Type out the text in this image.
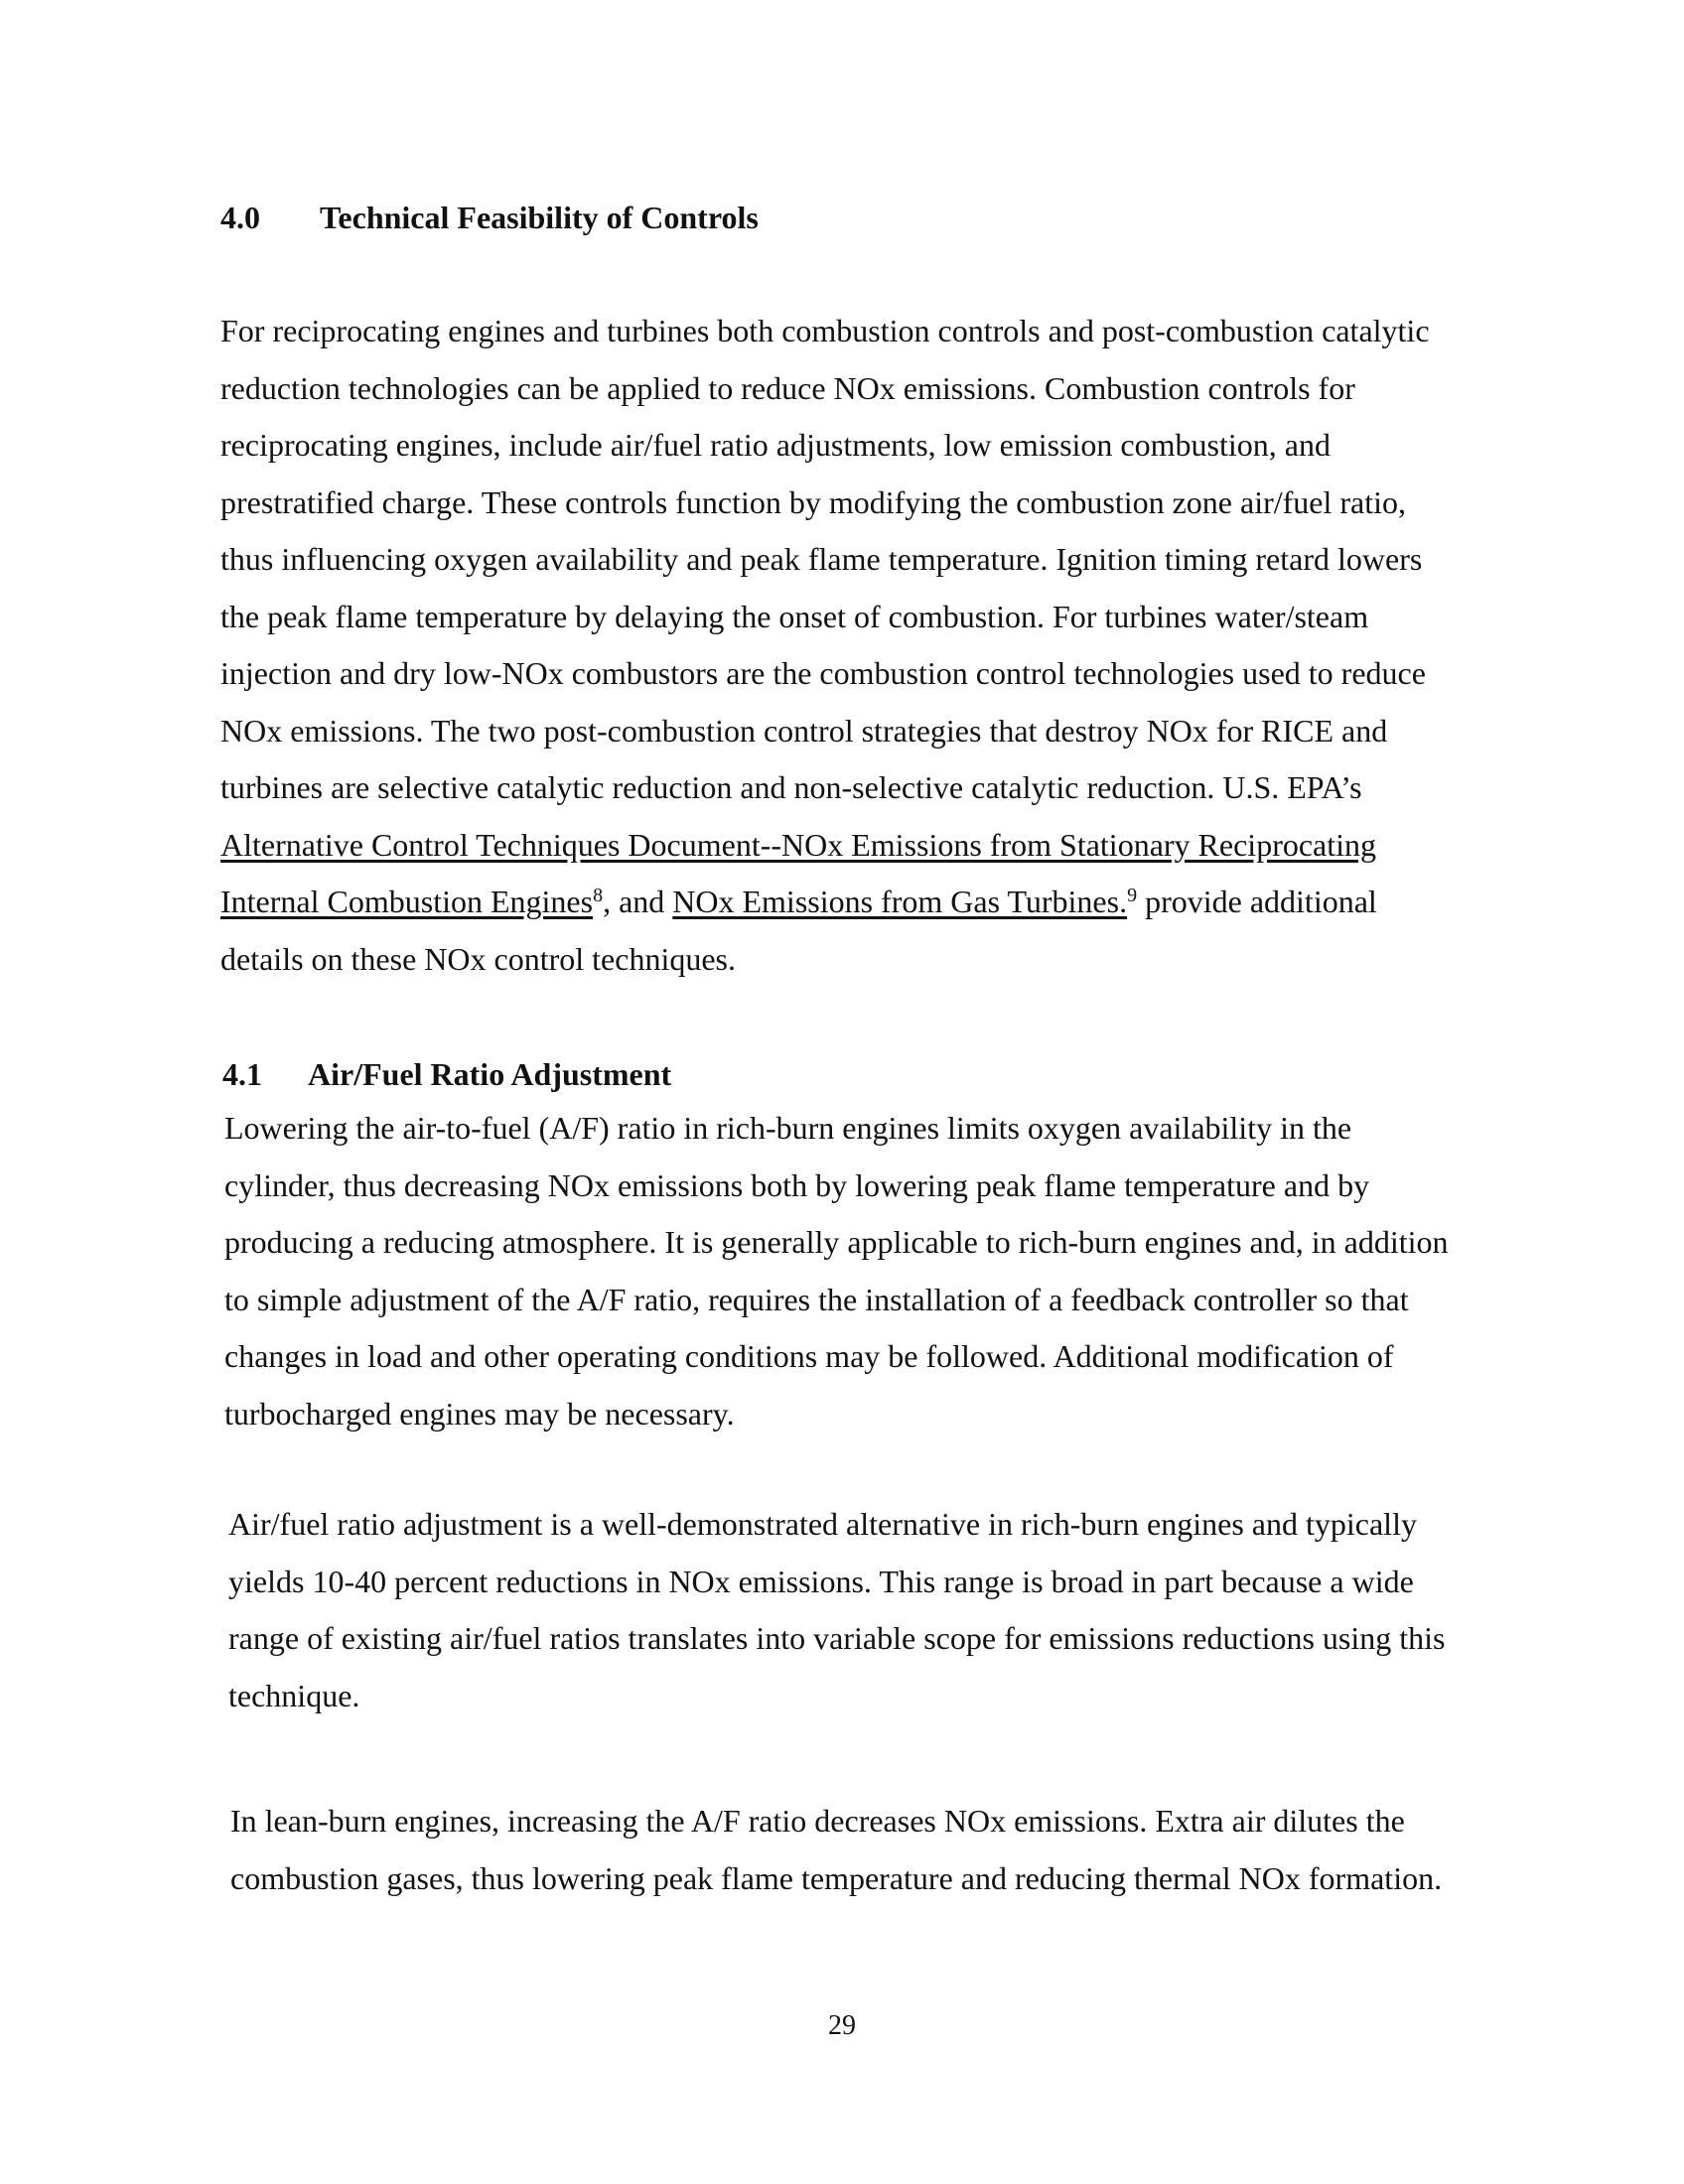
4.0 Technical Feasibility of Controls
For reciprocating engines and turbines both combustion controls and post-combustion catalytic
reduction technologies can be applied to reduce NOx emissions. Combustion controls for
reciprocating engines, include air/fuel ratio adjustments, low emission combustion, and
prestratified charge. These controls function by modifying the combustion zone air/fuel ratio,
thus influencing oxygen availability and peak flame temperature. Ignition timing retard lowers
the peak flame temperature by delaying the onset of combustion. For turbines water/steam
injection and dry low-NOx combustors are the combustion control technologies used to reduce
NOx emissions. The two post-combustion control strategies that destroy NOx for RICE and
turbines are selective catalytic reduction and non-selective catalytic reduction. U.S. EPA’s
Alternative Control Techniques Document--NOx Emissions from Stationary Reciprocating
Internal Combustion Engines$^8$, and NOx Emissions from Gas Turbines.$^9$ provide additional
details on these NOx control techniques.
4.1 Air/Fuel Ratio Adjustment
Lowering the air-to-fuel (A/F) ratio in rich-burn engines limits oxygen availability in the
cylinder, thus decreasing NOx emissions both by lowering peak flame temperature and by
producing a reducing atmosphere. It is generally applicable to rich-burn engines and, in addition
to simple adjustment of the A/F ratio, requires the installation of a feedback controller so that
changes in load and other operating conditions may be followed. Additional modification of
turbocharged engines may be necessary.
Air/fuel ratio adjustment is a well-demonstrated alternative in rich-burn engines and typically
yields 10-40 percent reductions in NOx emissions. This range is broad in part because a wide
range of existing air/fuel ratios translates into variable scope for emissions reductions using this
technique.
In lean-burn engines, increasing the A/F ratio decreases NOx emissions. Extra air dilutes the
combustion gases, thus lowering peak flame temperature and reducing thermal NOx formation.
29
